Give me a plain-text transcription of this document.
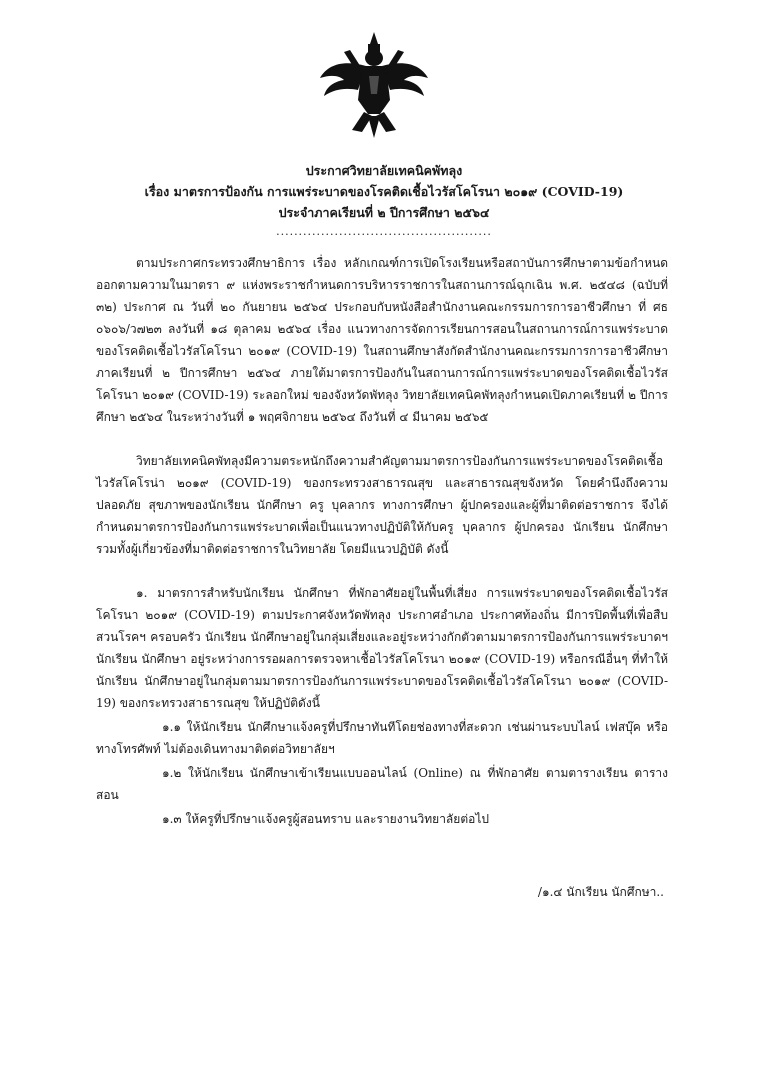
ประกาศวิทยาลัยเทคนิคพัทลุง
เรื่อง มาตรการป้องกัน การแพร่ระบาดของโรคติดเชื้อไวรัสโคโรนา ๒๐๑๙ (COVID-19)
ประจำภาคเรียนที่ ๒ ปีการศึกษา ๒๕๖๔
................................................

ตามประกาศกระทรวงศึกษาธิการ เรื่อง หลักเกณฑ์การเปิดโรงเรียนหรือสถาบันการศึกษาตามข้อกำหนดออกตามความในมาตรา ๙ แห่งพระราชกำหนดการบริหารราชการในสถานการณ์ฉุกเฉิน พ.ศ. ๒๕๔๘ (ฉบับที่ ๓๒) ประกาศ ณ วันที่ ๒๐ กันยายน ๒๕๖๔ ประกอบกับหนังสือสำนักงานคณะกรรมการการอาชีวศึกษา ที่ ศธ ๐๖๐๖/ว๗๒๓ ลงวันที่ ๑๘ ตุลาคม ๒๕๖๔ เรื่อง แนวทางการจัดการเรียนการสอนในสถานการณ์การแพร่ระบาดของโรคติดเชื้อไวรัสโคโรนา ๒๐๑๙ (COVID-19) ในสถานศึกษาสังกัดสำนักงานคณะกรรมการการอาชีวศึกษา ภาคเรียนที่ ๒ ปีการศึกษา ๒๕๖๔ ภายใต้มาตรการป้องกันในสถานการณ์การแพร่ระบาดของโรคติดเชื้อไวรัสโคโรนา ๒๐๑๙ (COVID-19) ระลอกใหม่ ของจังหวัดพัทลุง วิทยาลัยเทคนิคพัทลุงกำหนดเปิดภาคเรียนที่ ๒ ปีการศึกษา ๒๕๖๔ ในระหว่างวันที่ ๑ พฤศจิกายน ๒๕๖๔ ถึงวันที่ ๔ มีนาคม ๒๕๖๕

วิทยาลัยเทคนิคพัทลุงมีความตระหนักถึงความสำคัญตามมาตรการป้องกันการแพร่ระบาดของโรคติดเชื้อไวรัสโคโรน่า ๒๐๑๙ (COVID-19) ของกระทรวงสาธารณสุข และสาธารณสุขจังหวัด โดยคำนึงถึงความปลอดภัย สุขภาพของนักเรียน นักศึกษา ครู บุคลากร ทางการศึกษา ผู้ปกครองและผู้ที่มาติดต่อราชการ จึงได้กำหนดมาตรการป้องกันการแพร่ระบาดเพื่อเป็นแนวทางปฏิบัติให้กับครู บุคลากร ผู้ปกครอง นักเรียน นักศึกษา รวมทั้งผู้เกี่ยวข้องที่มาติดต่อราชการในวิทยาลัย โดยมีแนวปฏิบัติ ดังนี้

๑. มาตรการสำหรับนักเรียน นักศึกษา ที่พักอาศัยอยู่ในพื้นที่เสี่ยง การแพร่ระบาดของโรคติดเชื้อไวรัสโคโรนา ๒๐๑๙ (COVID-19) ตามประกาศจังหวัดพัทลุง ประกาศอำเภอ ประกาศท้องถิ่น มีการปิดพื้นที่เพื่อสืบสวนโรคฯ ครอบครัว นักเรียน นักศึกษาอยู่ในกลุ่มเสี่ยงและอยู่ระหว่างกักตัวตามมาตรการป้องกันการแพร่ระบาดฯ นักเรียน นักศึกษา อยู่ระหว่างการรอผลการตรวจหาเชื้อไวรัสโคโรนา ๒๐๑๙ (COVID-19) หรือกรณีอื่นๆ ที่ทำให้นักเรียน นักศึกษาอยู่ในกลุ่มตามมาตรการป้องกันการแพร่ระบาดของโรคติดเชื้อไวรัสโคโรนา ๒๐๑๙ (COVID-19) ของกระทรวงสาธารณสุข ให้ปฏิบัติดังนี้

๑.๑ ให้นักเรียน นักศึกษาแจ้งครูที่ปรึกษาทันทีโดยช่องทางที่สะดวก เช่นผ่านระบบไลน์ เฟสบุ๊ค หรือทางโทรศัพท์ ไม่ต้องเดินทางมาติดต่อวิทยาลัยฯ

๑.๒ ให้นักเรียน นักศึกษาเข้าเรียนแบบออนไลน์ (Online) ณ ที่พักอาศัย ตามตารางเรียน ตารางสอน

๑.๓ ให้ครูที่ปรึกษาแจ้งครูผู้สอนทราบ และรายงานวิทยาลัยต่อไป

/๑.๔ นักเรียน นักศึกษา..
